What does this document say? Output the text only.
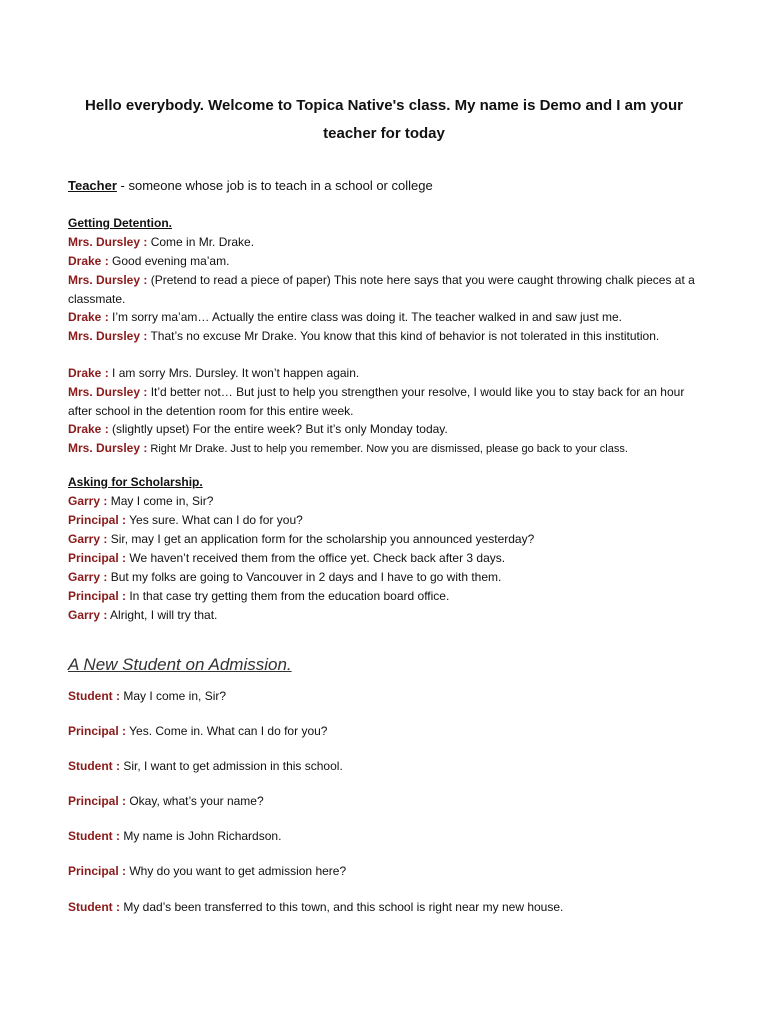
Hello everybody. Welcome to Topica Native's class. My name is Demo and I am your teacher for today
Teacher - someone whose job is to teach in a school or college
Getting Detention.
Mrs. Dursley : Come in Mr. Drake.
Drake : Good evening ma’am.
Mrs. Dursley : (Pretend to read a piece of paper) This note here says that you were caught throwing chalk pieces at a classmate.
Drake : I’m sorry ma’am… Actually the entire class was doing it. The teacher walked in and saw just me.
Mrs. Dursley : That’s no excuse Mr Drake. You know that this kind of behavior is not tolerated in this institution.
Drake : I am sorry Mrs. Dursley. It won’t happen again.
Mrs. Dursley : It’d better not… But just to help you strengthen your resolve, I would like you to stay back for an hour after school in the detention room for this entire week.
Drake : (slightly upset) For the entire week? But it’s only Monday today.
Mrs. Dursley : Right Mr Drake. Just to help you remember. Now you are dismissed, please go back to your class.
Asking for Scholarship.
Garry : May I come in, Sir?
Principal : Yes sure. What can I do for you?
Garry : Sir, may I get an application form for the scholarship you announced yesterday?
Principal : We haven’t received them from the office yet. Check back after 3 days.
Garry : But my folks are going to Vancouver in 2 days and I have to go with them.
Principal : In that case try getting them from the education board office.
Garry : Alright, I will try that.
A New Student on Admission.
Student : May I come in, Sir?
Principal : Yes. Come in. What can I do for you?
Student : Sir, I want to get admission in this school.
Principal : Okay, what’s your name?
Student : My name is John Richardson.
Principal : Why do you want to get admission here?
Student : My dad’s been transferred to this town, and this school is right near my new house.
